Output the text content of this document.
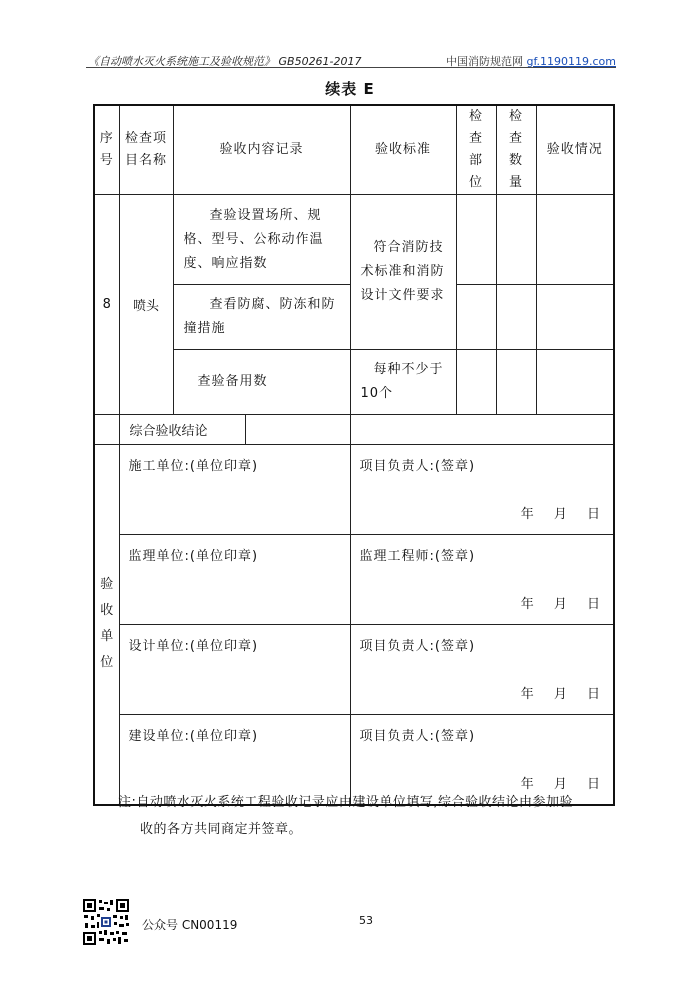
《自动喷水灭火系统施工及验收规范》 GB50261-2017	中国消防规范网 gf.1190119.com
续表 E
序号	检查项目名称	验收内容记录	验收标准	检查部位	检查数量	验收情况
8	喷头	查验设置场所、规格、型号、公称动作温度、响应指数	符合消防技术标准和消防设计文件要求			
		查看防腐、防冻和防撞措施				
		查验备用数	每种不少于10个			
	综合验收结论				

验
收
单
位	施工单位:(单位印章)		项目负责人:(签章)
年 月 日			

	监理单位:(单位印章)		监理工程师:(签章)
年 月 日			

	设计单位:(单位印章)		项目负责人:(签章)
年 月 日			

	建设单位:(单位印章)		项目负责人:(签章)
年 月 日			
注:自动喷水灭火系统工程验收记录应由建设单位填写,综合验收结论由参加验
收的各方共同商定并签章。
公众号 CN00119	53
